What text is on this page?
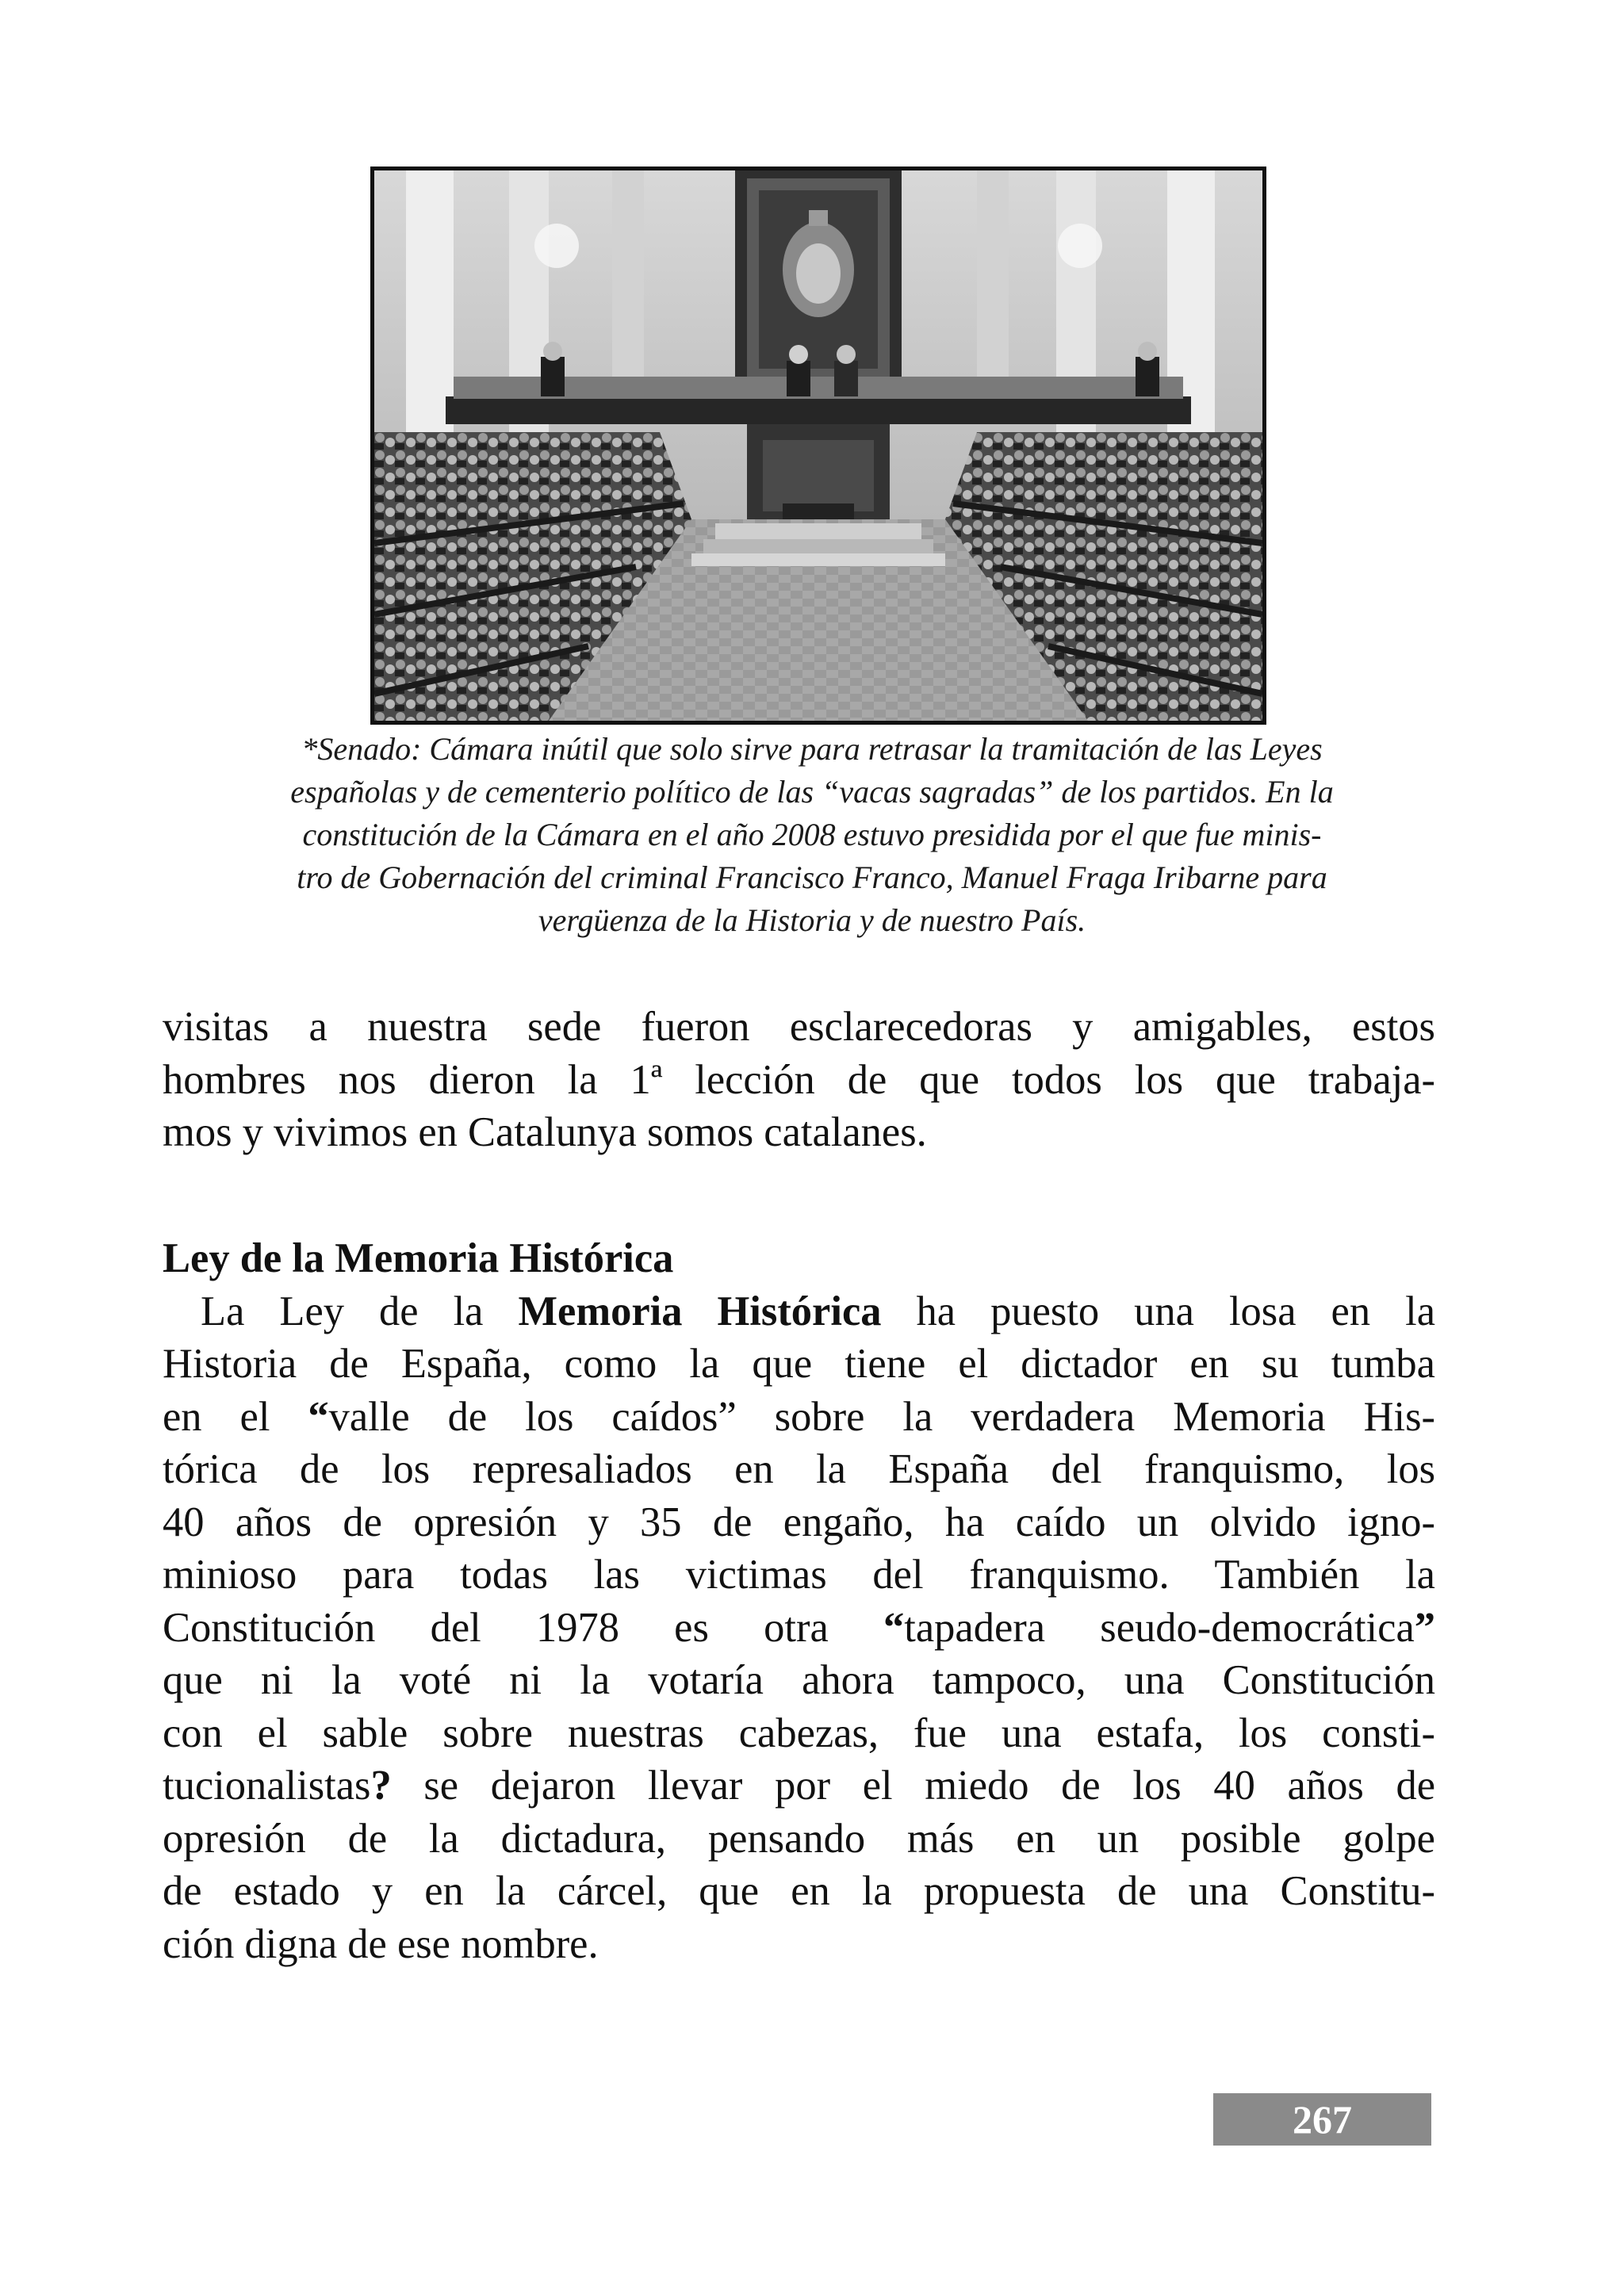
*Senado: Cámara inútil que solo sirve para retrasar la tramitación de las Leyes
españolas y de cementerio político de las “vacas sagradas” de los partidos. En la
constitución de la Cámara en el año 2008 estuvo presidida por el que fue minis-
tro de Gobernación del criminal Francisco Franco, Manuel Fraga Iribarne para
vergüenza de la Historia y de nuestro País.
visitas a nuestra sede fueron esclarecedoras y amigables, estos
hombres nos dieron la 1ª lección de que todos los que trabaja-
mos y vivimos en Catalunya somos catalanes.
Ley de la Memoria Histórica
La Ley de la Memoria Histórica ha puesto una losa en la
Historia de España, como la que tiene el dictador en su tumba
en el “valle de los caídos” sobre la verdadera Memoria His-
tórica de los represaliados en la España del franquismo, los
40 años de opresión y 35 de engaño, ha caído un olvido igno-
minioso para todas las victimas del franquismo. También la
Constitución del 1978 es otra “tapadera seudo-democrática”
que ni la voté ni la votaría ahora tampoco, una Constitución
con el sable sobre nuestras cabezas, fue una estafa, los consti-
tucionalistas? se dejaron llevar por el miedo de los 40 años de
opresión de la dictadura, pensando más en un posible golpe
de estado y en la cárcel, que en la propuesta de una Constitu-
ción digna de ese nombre.
267
